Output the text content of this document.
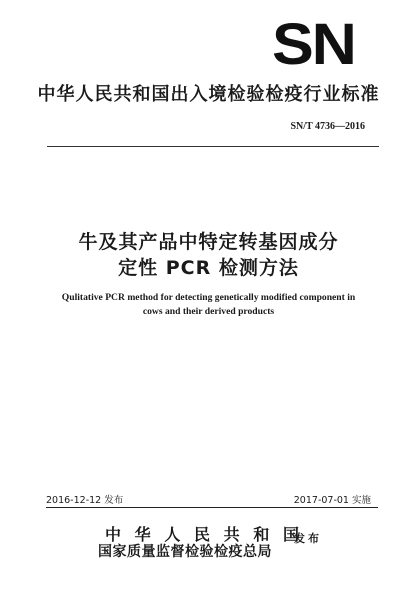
SN
中华人民共和国出入境检验检疫行业标准
SN/T 4736—2016
牛及其产品中特定转基因成分
定性 PCR 检测方法
Qulitative PCR method for detecting genetically modified component in
cows and their derived products
2016-12-12 发布	2017-07-01 实施
中华人民共和国
国家质量监督检验检疫总局
发布
